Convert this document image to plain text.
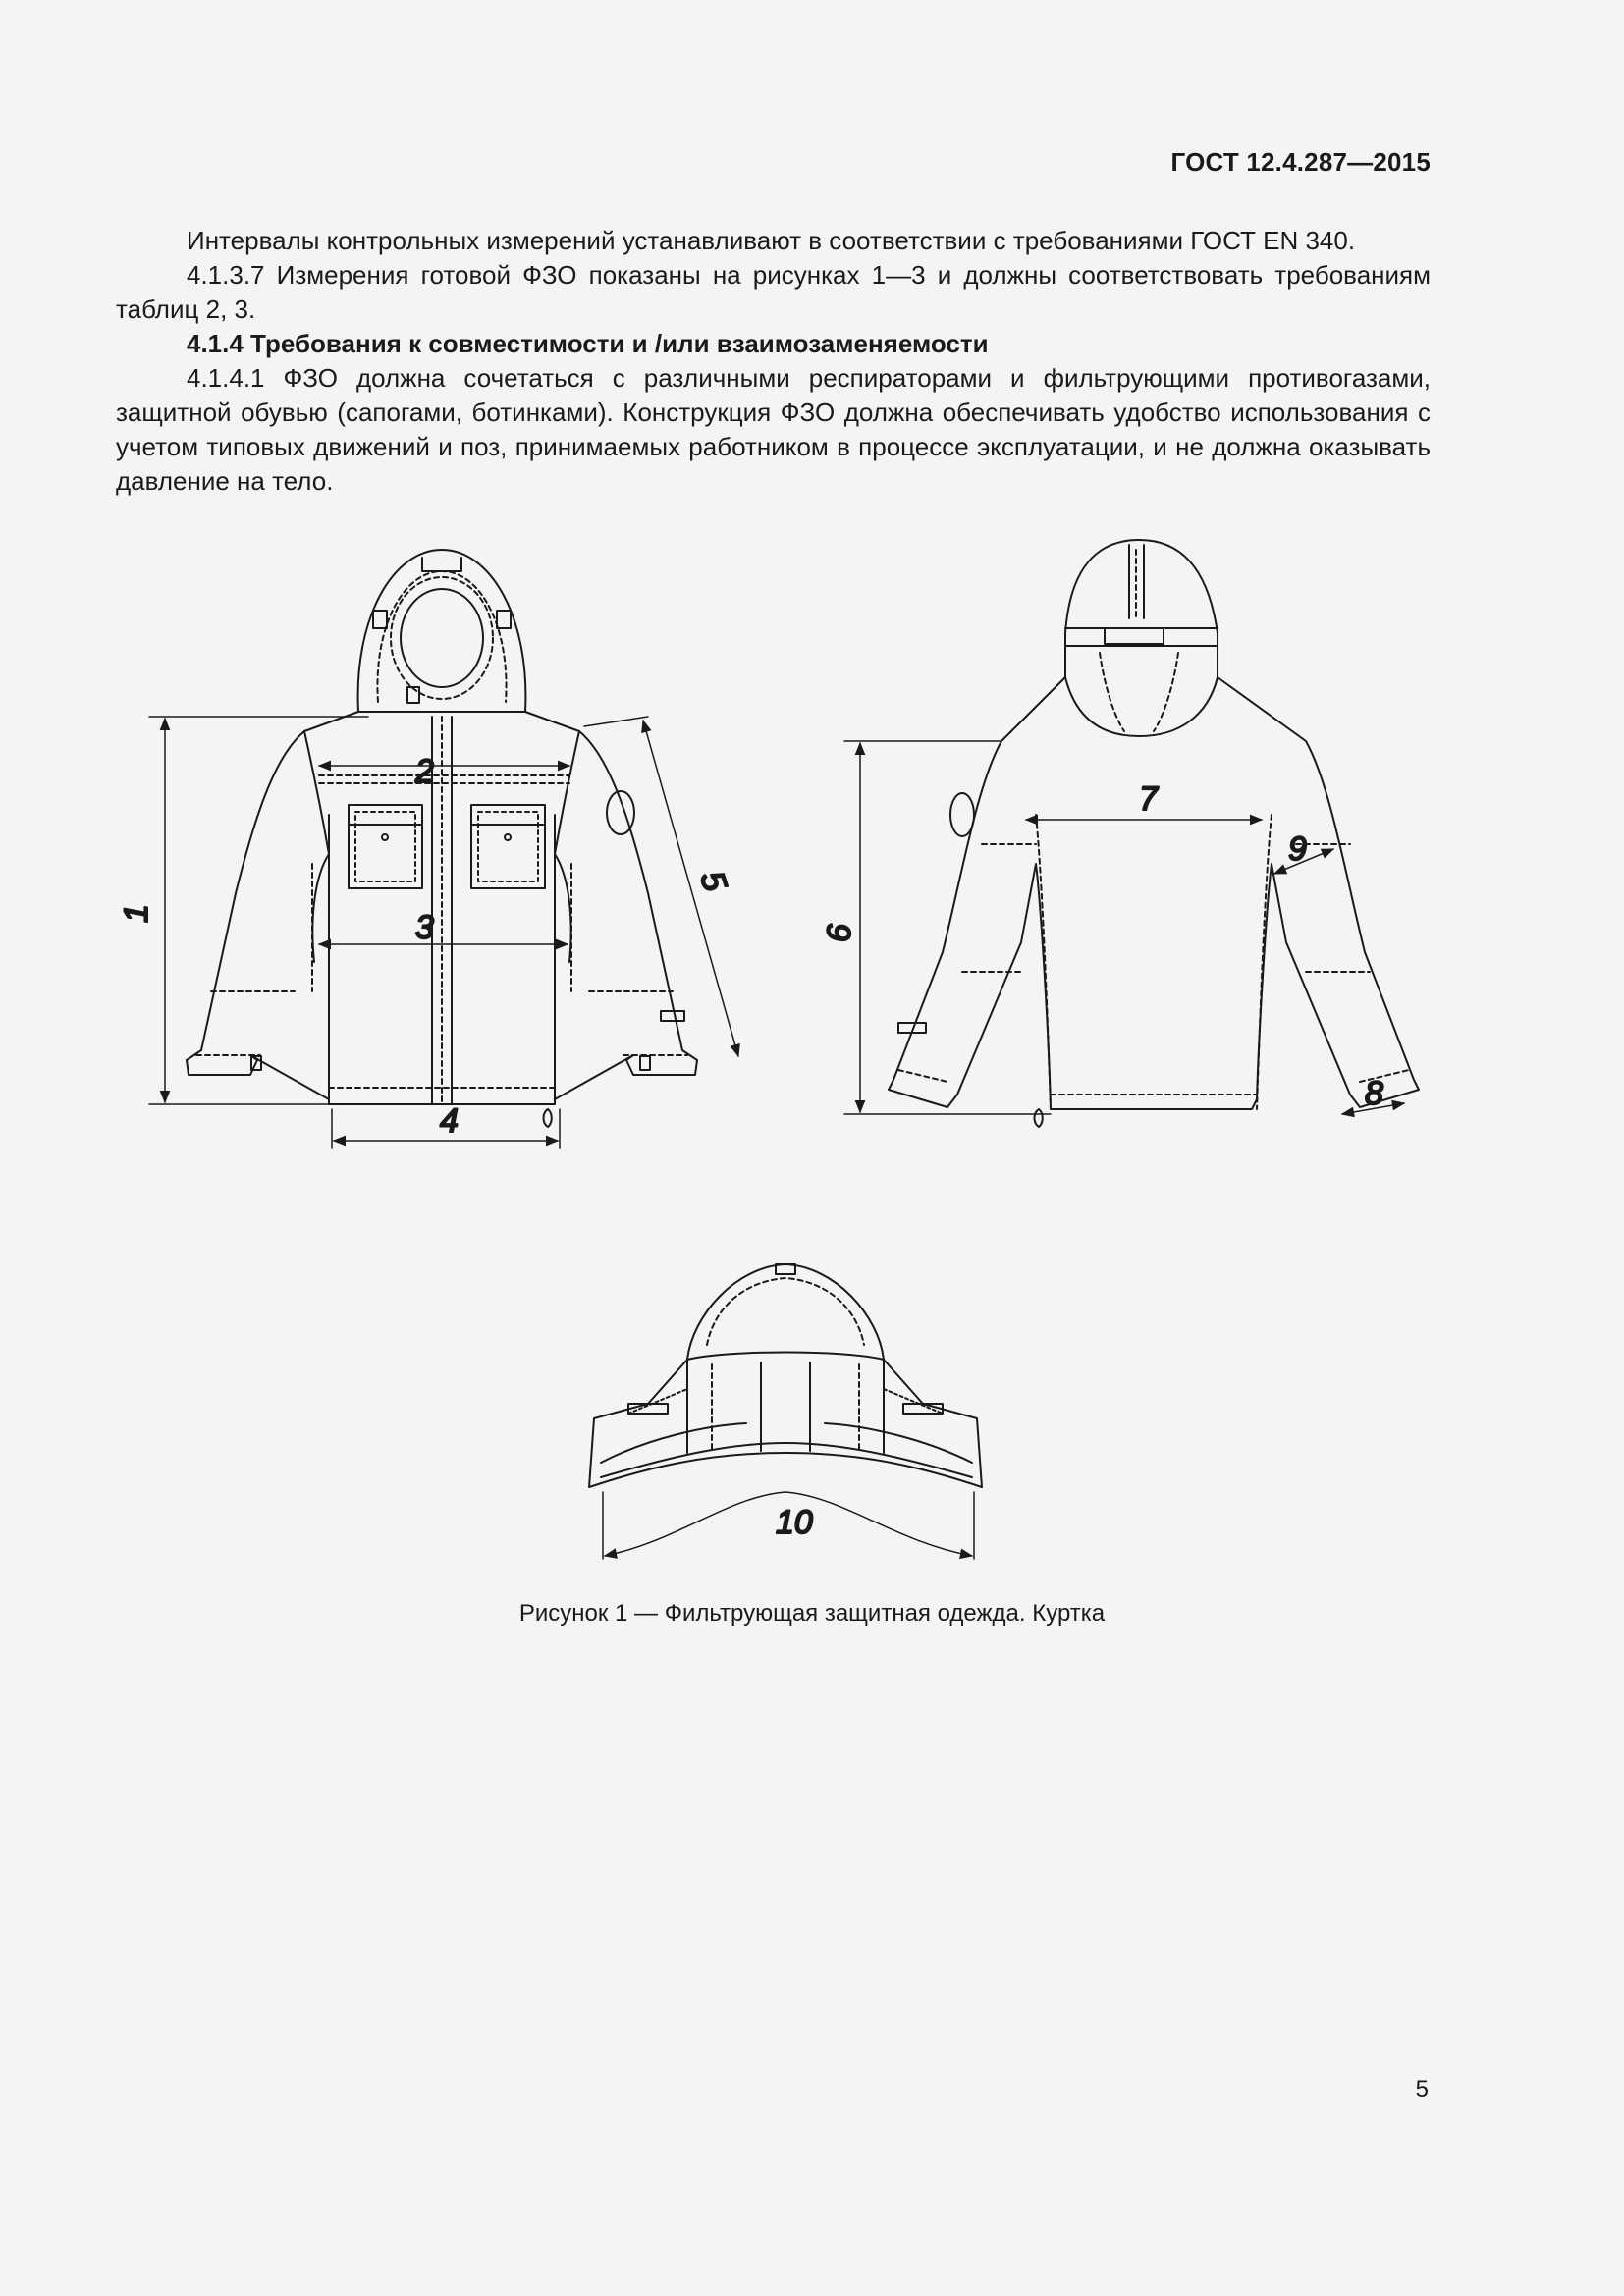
ГОСТ 12.4.287—2015

Интервалы контрольных измерений устанавливают в соответствии с требованиями ГОСТ EN 340.

4.1.3.7 Измерения готовой ФЗО показаны на рисунках 1—3 и должны соответствовать требованиям таблиц 2, 3.

4.1.4 Требования к совместимости и /или взаимозаменяемости

4.1.4.1 ФЗО должна сочетаться с различными респираторами и фильтрующими противогазами, защитной обувью (сапогами, ботинками). Конструкция ФЗО должна обеспечивать удобство использования с учетом типовых движений и поз, принимаемых работником в процессе эксплуатации, и не должна оказывать давление на тело.

1
2
3
4
5
6
7
8
9
10
Рисунок 1 — Фильтрующая защитная одежда. Куртка
5
